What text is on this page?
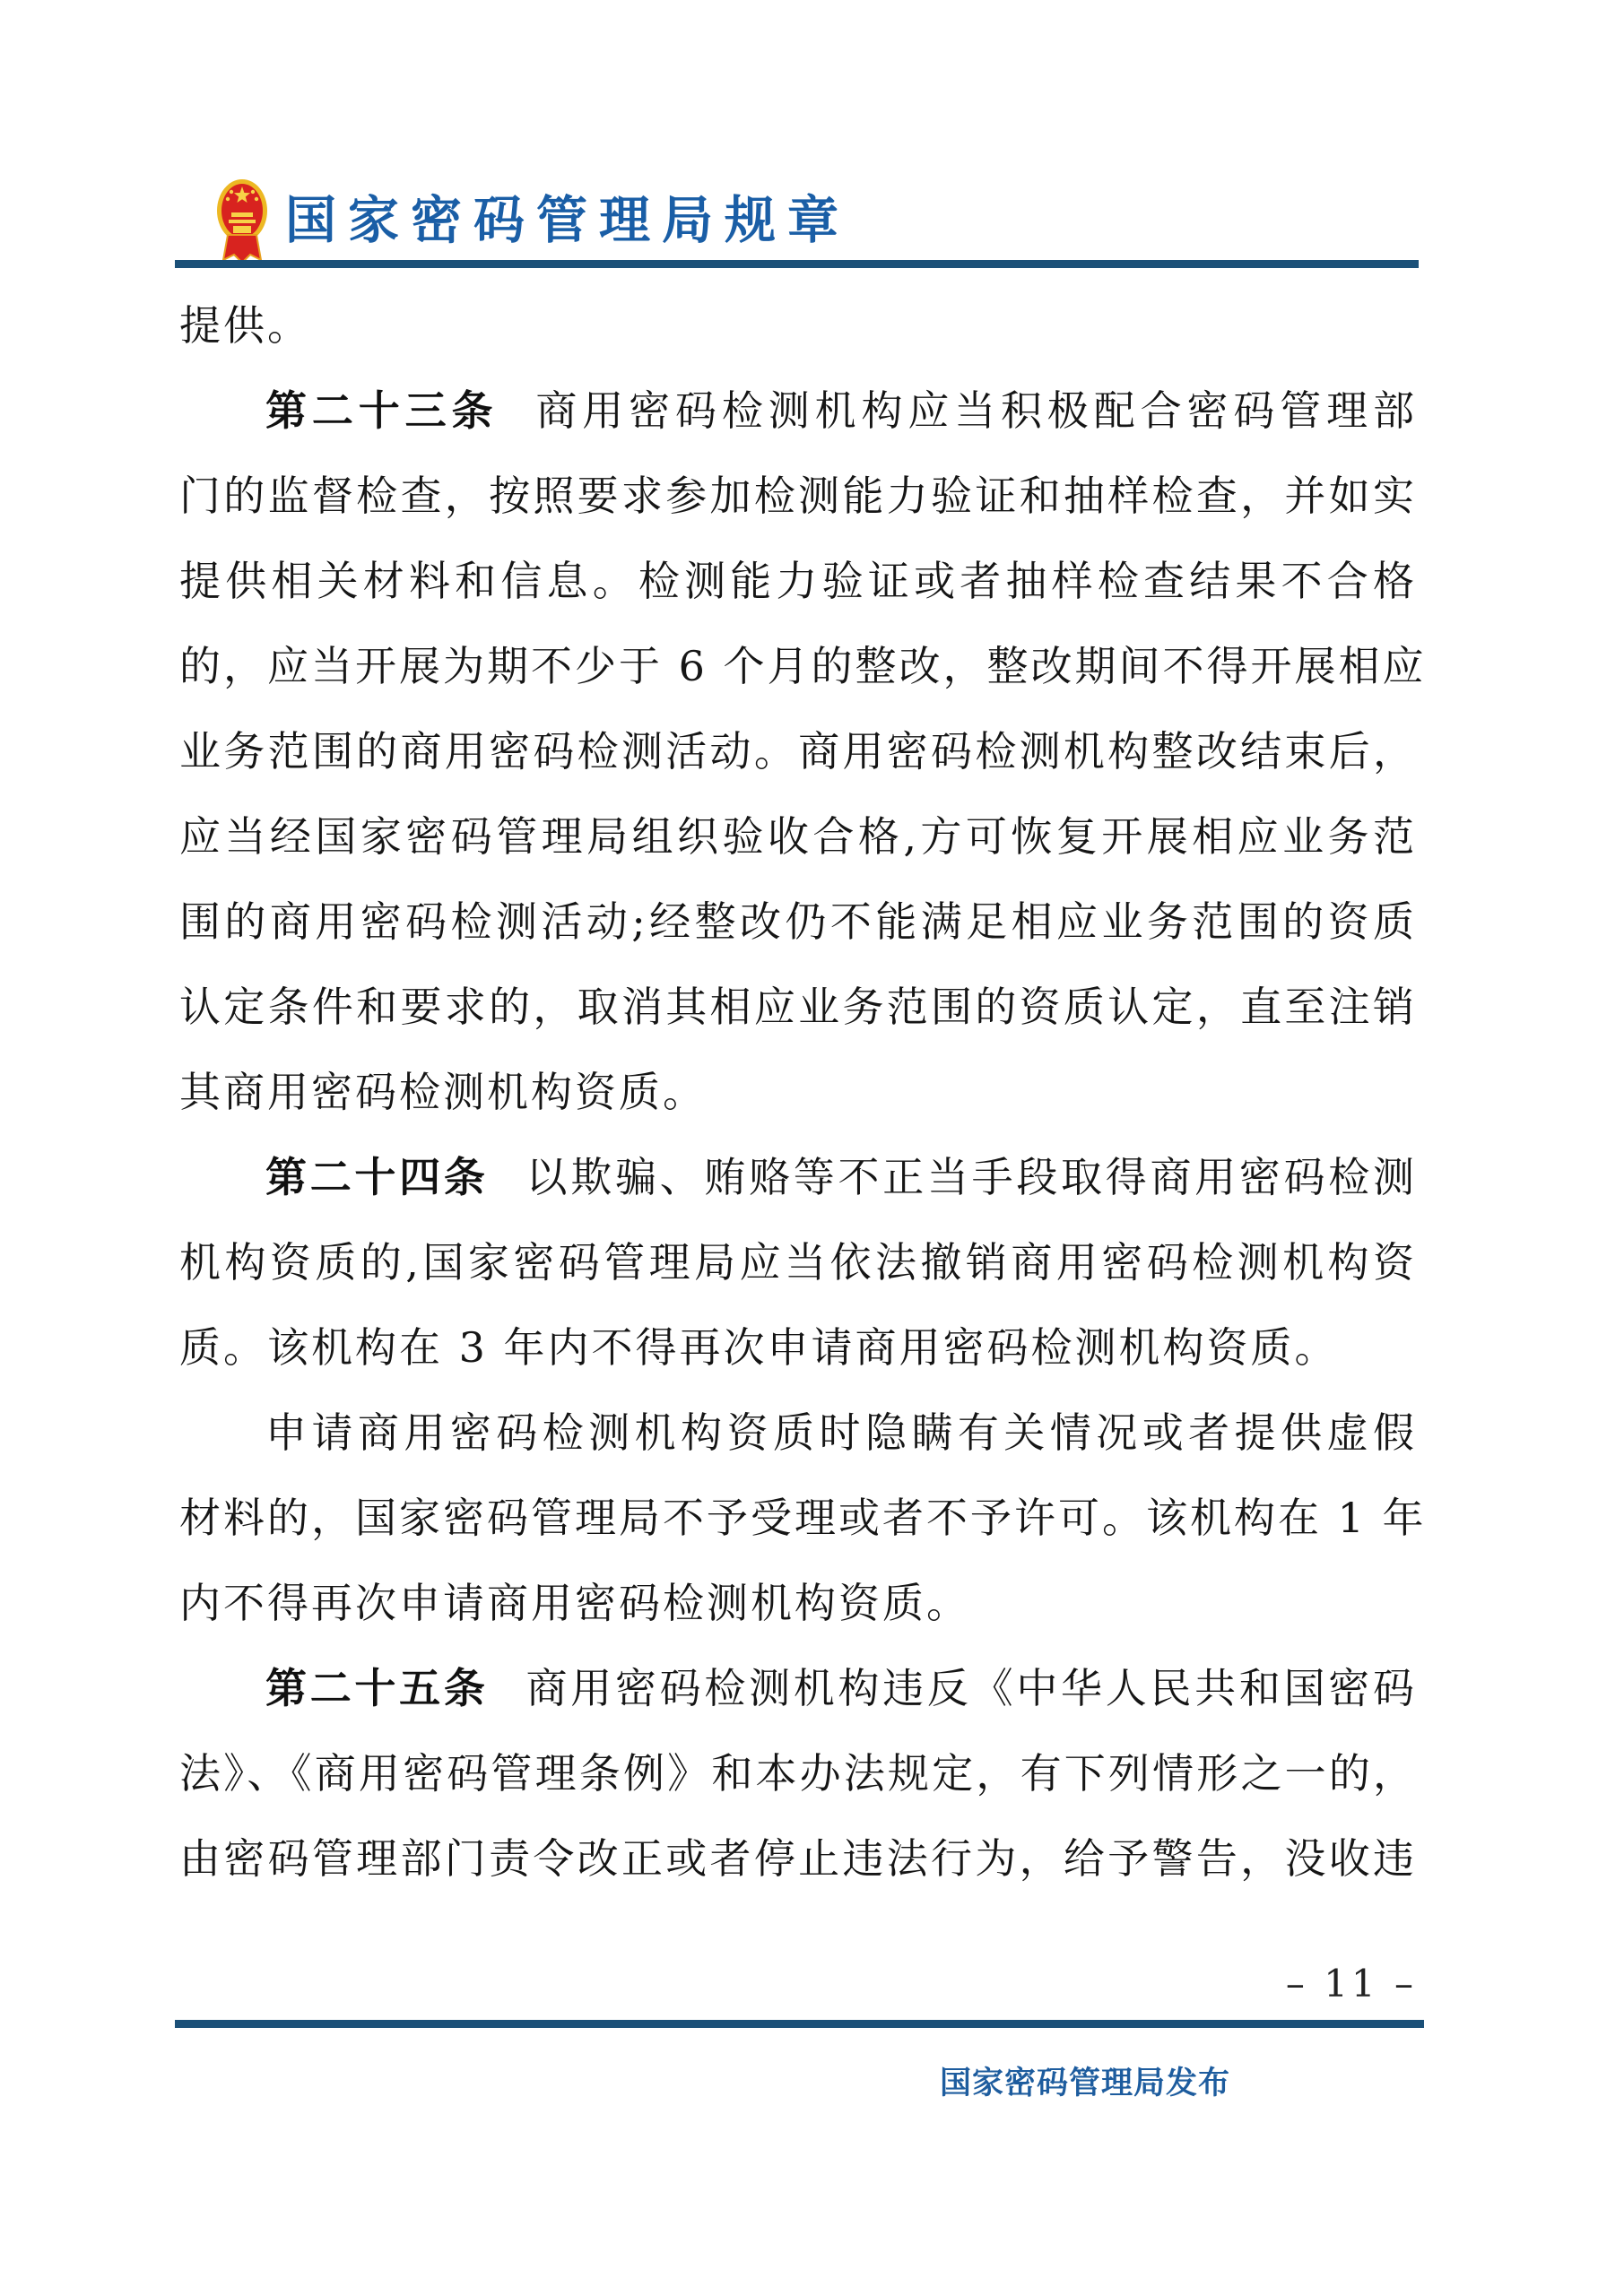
国家密码管理局规章
提供。
第二十三条 商用密码检测机构应当积极配合密码管理部
门的监督检查，按照要求参加检测能力验证和抽样检查，并如实
提供相关材料和信息。检测能力验证或者抽样检查结果不合格
的，应当开展为期不少于 6 个月的整改，整改期间不得开展相应
业务范围的商用密码检测活动。商用密码检测机构整改结束后，
应当经国家密码管理局组织验收合格,方可恢复开展相应业务范
围的商用密码检测活动;经整改仍不能满足相应业务范围的资质
认定条件和要求的，取消其相应业务范围的资质认定，直至注销
其商用密码检测机构资质。
第二十四条 以欺骗、贿赂等不正当手段取得商用密码检测
机构资质的,国家密码管理局应当依法撤销商用密码检测机构资
质。该机构在 3 年内不得再次申请商用密码检测机构资质。
申请商用密码检测机构资质时隐瞒有关情况或者提供虚假
材料的，国家密码管理局不予受理或者不予许可。该机构在 1 年
内不得再次申请商用密码检测机构资质。
第二十五条 商用密码检测机构违反《中华人民共和国密码
法》、《商用密码管理条例》和本办法规定，有下列情形之一的，
由密码管理部门责令改正或者停止违法行为，给予警告，没收违
– 11 –
国家密码管理局发布
